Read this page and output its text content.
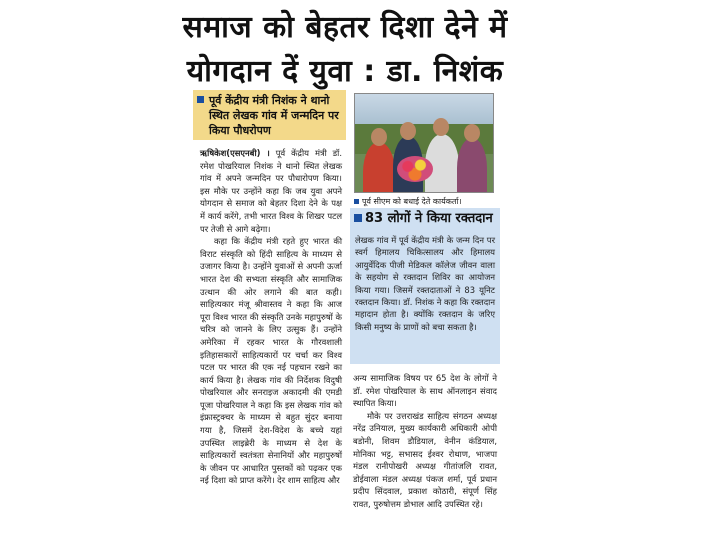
समाज को बेहतर दिशा देने में
योगदान दें युवा : डा. निशंक
पूर्व केंद्रीय मंत्री निशंक ने थानो स्थित लेखक गांव में जन्मदिन पर किया पौधरोपण

ऋषिकेश(एसएनबी) । पूर्व केंद्रीय मंत्री डॉ. रमेश पोखरियाल निशंक ने थानो स्थित लेखक गांव में अपने जन्मदिन पर पौधारोपण किया। इस मौके पर उन्होंने कहा कि जब युवा अपने योगदान से समाज को बेहतर दिशा देने के पक्ष में कार्य करेंगे, तभी भारत विश्व के शिखर पटल पर तेजी से आगे बढ़ेगा।

कहा कि केंद्रीय मंत्री रहते हुए भारत की विराट संस्कृति को हिंदी साहित्य के माध्यम से उजागर किया है। उन्होंने युवाओं से अपनी ऊर्जा भारत देश की सभ्यता संस्कृति और सामाजिक उत्थान की ओर लगाने की बात कही। साहित्यकार मंजू श्रीवास्तव ने कहा कि आज पूरा विश्व भारत की संस्कृति उनके महापुरुषों के चरित्र को जानने के लिए उत्सुक हैं। उन्होंने अमेरिका में रहकर भारत के गौरवशाली इतिहासकारों साहित्यकारों पर चर्चा कर विश्व पटल पर भारत की एक नई पहचान रखने का कार्य किया है। लेखक गांव की निर्देशक विदुषी पोखरियाल और सनराइज अकादमी की एमडी पूजा पोखरियाल ने कहा कि इस लेखक गांव को इंफ्रास्ट्रक्चर के माध्यम से बहुत सुंदर बनाया गया है, जिसमें देश-विदेश के बच्चे यहां उपस्थित लाइब्रेरी के माध्यम से देश के साहित्यकारों स्वतंत्रता सेनानियों और महापुरुषों के जीवन पर आधारित पुस्तकों को पढ़कर एक नई दिशा को प्राप्त करेंगे। देर शाम साहित्य और

पूर्व सीएम को बधाई देते कार्यकर्ता।
83 लोगों ने किया रक्तदान
लेखक गांव में पूर्व केंद्रीय मंत्री के जन्म दिन पर स्वर्ग हिमालय चिकित्सालय और हिमालय आयुर्वेदिक पीजी मेडिकल कॉलेज जीवन वाला के सहयोग से रक्तदान शिविर का आयोजन किया गया। जिसमें रक्तदाताओं ने 83 यूनिट रक्तदान किया। डॉ. निशंक ने कहा कि रक्तदान महादान होता है। क्योंकि रक्तदान के जरिए किसी मनुष्य के प्राणों को बचा सकता है।

अन्य सामाजिक विषय पर 65 देश के लोगों ने डॉ. रमेश पोखरियाल के साथ ऑनलाइन संवाद स्थापित किया।

मौके पर उत्तराखंड साहित्य संगठन अध्यक्ष नरेंद्र उनियाल, मुख्य कार्यकारी अधिकारी ओपी बडोनी, शिवम डौडियाल, वेनीन कंडियाल, मोनिका भट्ट, सभासद ईश्वर रोथाण, भाजपा मंडल रानीपोखरी अध्यक्ष गीतांजलि रावत, डोईवाला मंडल अध्यक्ष पंकज शर्मा, पूर्व प्रधान प्रदीप सिंदवाल, प्रकाश कोठारी, संपूर्ण सिंह रावत, पुरुषोत्तम डोभाल आदि उपस्थित रहे।
